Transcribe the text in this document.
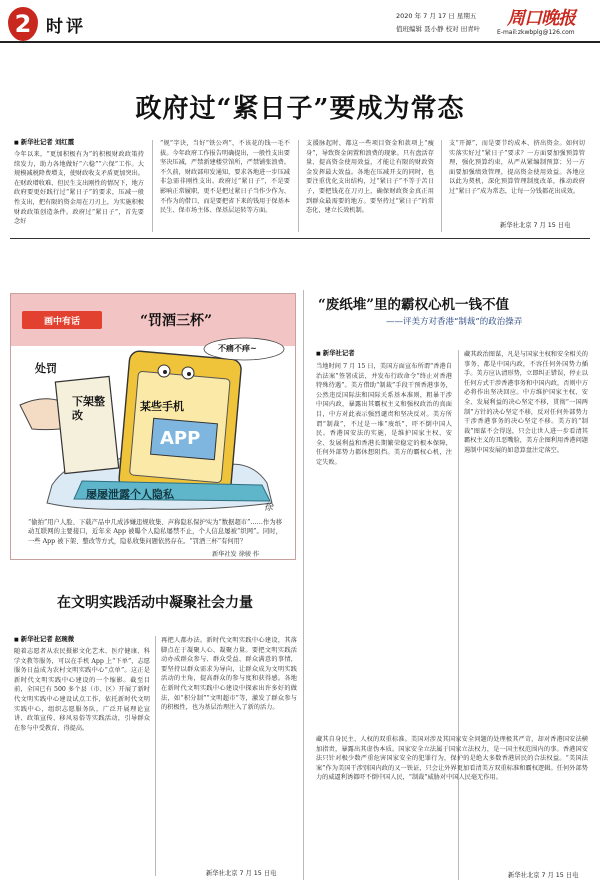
2 时评
2020 年 7 月 17 日 星期五
值班编辑 聂小静 校对 田青叶 周口晚报
E-mail:zkwbplg@126.com
政府过“紧日子”要成为常态
■ 新华社记者 刘红霞
今年以来，“更加积极有为”的积极财政政策持续发力，助力各地做好“六稳”“六保”工作。大规模减税降费增支，使财政收支矛盾更加突出。在财政增收难、但民生支出刚性的情况下，地方政府要更好践行过“紧日子”的要求，压减一般性支出，把有限的资金用在刀刃上，为实施积极财政政策创造条件。政府过“紧日子”，首先要念好
“规”字诀，当好“铁公鸡”，不该花的钱一毛不拔。今年政府工作报告明确提出，一般性支出要坚决压减，严禁新建楼堂馆所，严禁铺张浪费。不久前，财政部印发通知，要求各地进一步压减非急需非刚性支出。政府过“紧日子”，不是要影响正常履职，更不是把过紧日子当作少作为、不作为的借口，而是要把省下来的钱用于保基本民生、保市场主体、保基层运转等方面。
支援脉起时，都这一些项目资金和款项上“瘦身”，导致资金闲置和浪费的现象。只有盘活存量、提高资金使用效益，才能让有限的财政资金发挥最大效益。各地在压减开支的同时，也要注重优化支出结构，过“紧日子”不等于苦日子，要把钱花在刀刃上，确保财政资金真正用到群众最需要的地方。要坚持过“紧日子”的常态化，建立长效机制。
支“开源”，而是要节约成本、挤出资金。如何切实落实好过“紧日子”要求？一方面要加强预算管理，强化预算约束，从严从紧编制预算；另一方面要加强绩效管理，提高资金使用效益。各地应以此为契机，深化预算管理制度改革，推动政府过“紧日子”成为常态，让每一分钱都花出成效。
新华社北京 7 月 15 日电
画中有话	“罚酒三杯”
不痛不痒~
处罚
下架整改
某些手机
APP
屡屡泄露个人隐私
徐
“偷拍”用户人脸、下载产品中几成涉嫌违规收集、声称隐私保护实为“数据超市”……作为移动互联网的主要接口，近年来 App 被曝个人隐私屡禁不止，个人信息屡被“织网”。同时，一些 App 被下架、整改等方式，隐私收集问题依然存在。“罚酒三杯”有何用？
新华社发 徐骏 作
“废纸堆”里的霸权心机一钱不值
——评美方对香港“制裁”的政治操弄
■ 新华社记者
当地时间 7 月 15 日，美国方面宣布所谓“香港自治法案”签署成法，并发布行政命令“终止对香港特殊待遇”。美方借助“制裁”手段干预香港事务，公然违反国际法和国际关系基本准则，粗暴干涉中国内政，暴露出其霸权主义和强权政治的真面目，中方对此表示强烈谴责和坚决反对。美方所谓“制裁”，不过是一堆“废纸”，吓不倒中国人民。香港国安法的实施，是维护国家主权、安全、发展利益和香港长期繁荣稳定的根本保障，任何外部势力都休想阻挡。美方的霸权心机，注定失败。
藏其政治图谋，凡是与国家主权和安全相关的事务，都是中国内政，不容任何外国势力插手。美方应认清形势，立即纠正错误，停止以任何方式干涉香港事务和中国内政，否则中方必将作出坚决回应。中方维护国家主权、安全、发展利益的决心坚定不移，贯彻“一国两制”方针的决心坚定不移，反对任何外部势力干涉香港事务的决心坚定不移。美方的“制裁”图谋不会得逞，只会让世人进一步看清其霸权主义的丑恶嘴脸，美方企图利用香港问题遏制中国发展的如意算盘注定落空。
藏其自身民主、人权的双重标准。美国对涉及其国家安全问题的处理极其严苛，却对香港国安法横加指责，暴露出其虚伪本质。国家安全立法属于国家立法权力，是一国主权范围内的事。香港国安法只针对极少数严重危害国家安全的犯罪行为，保护的是绝大多数香港居民的合法权益。“美国法案”作为美国干涉别国内政的又一铁证，只会让外界更加看清美方双重标准和霸权逻辑。任何外部势力的威逼利诱都吓不倒中国人民，“制裁”威胁对中国人民毫无作用。
新华社北京 7 月 15 日电
在文明实践活动中凝聚社会力量
■ 新华社记者 赵琬微
随着志愿者从农民摄影文化艺术、医疗健康、科学文教等服务，可以在手机 App 上“下单”，志愿服务日益成为农村文明实践中心“点单”。这正是新时代文明实践中心建设的一个缩影。截至目前，全国已有 500 多个县（市、区）开展了新时代文明实践中心建设试点工作，依托新时代文明实践中心，组织志愿服务队，广泛开展理论宣讲、政策宣传、移风易俗等实践活动，引导群众在参与中受教育、得提高。
再把人都办法。新时代文明实践中心建设，其落脚点在于凝聚人心、凝聚力量。要把文明实践活动办成群众参与、群众受益、群众满意的事情，要坚持以群众需求为导向，让群众成为文明实践活动的主角，提高群众的参与度和获得感。各地在新时代文明实践中心建设中探索出许多好的做法，如“积分制”“文明超市”等，激发了群众参与的积极性，也为基层治理注入了新的活力。
新华社北京 7 月 15 日电
